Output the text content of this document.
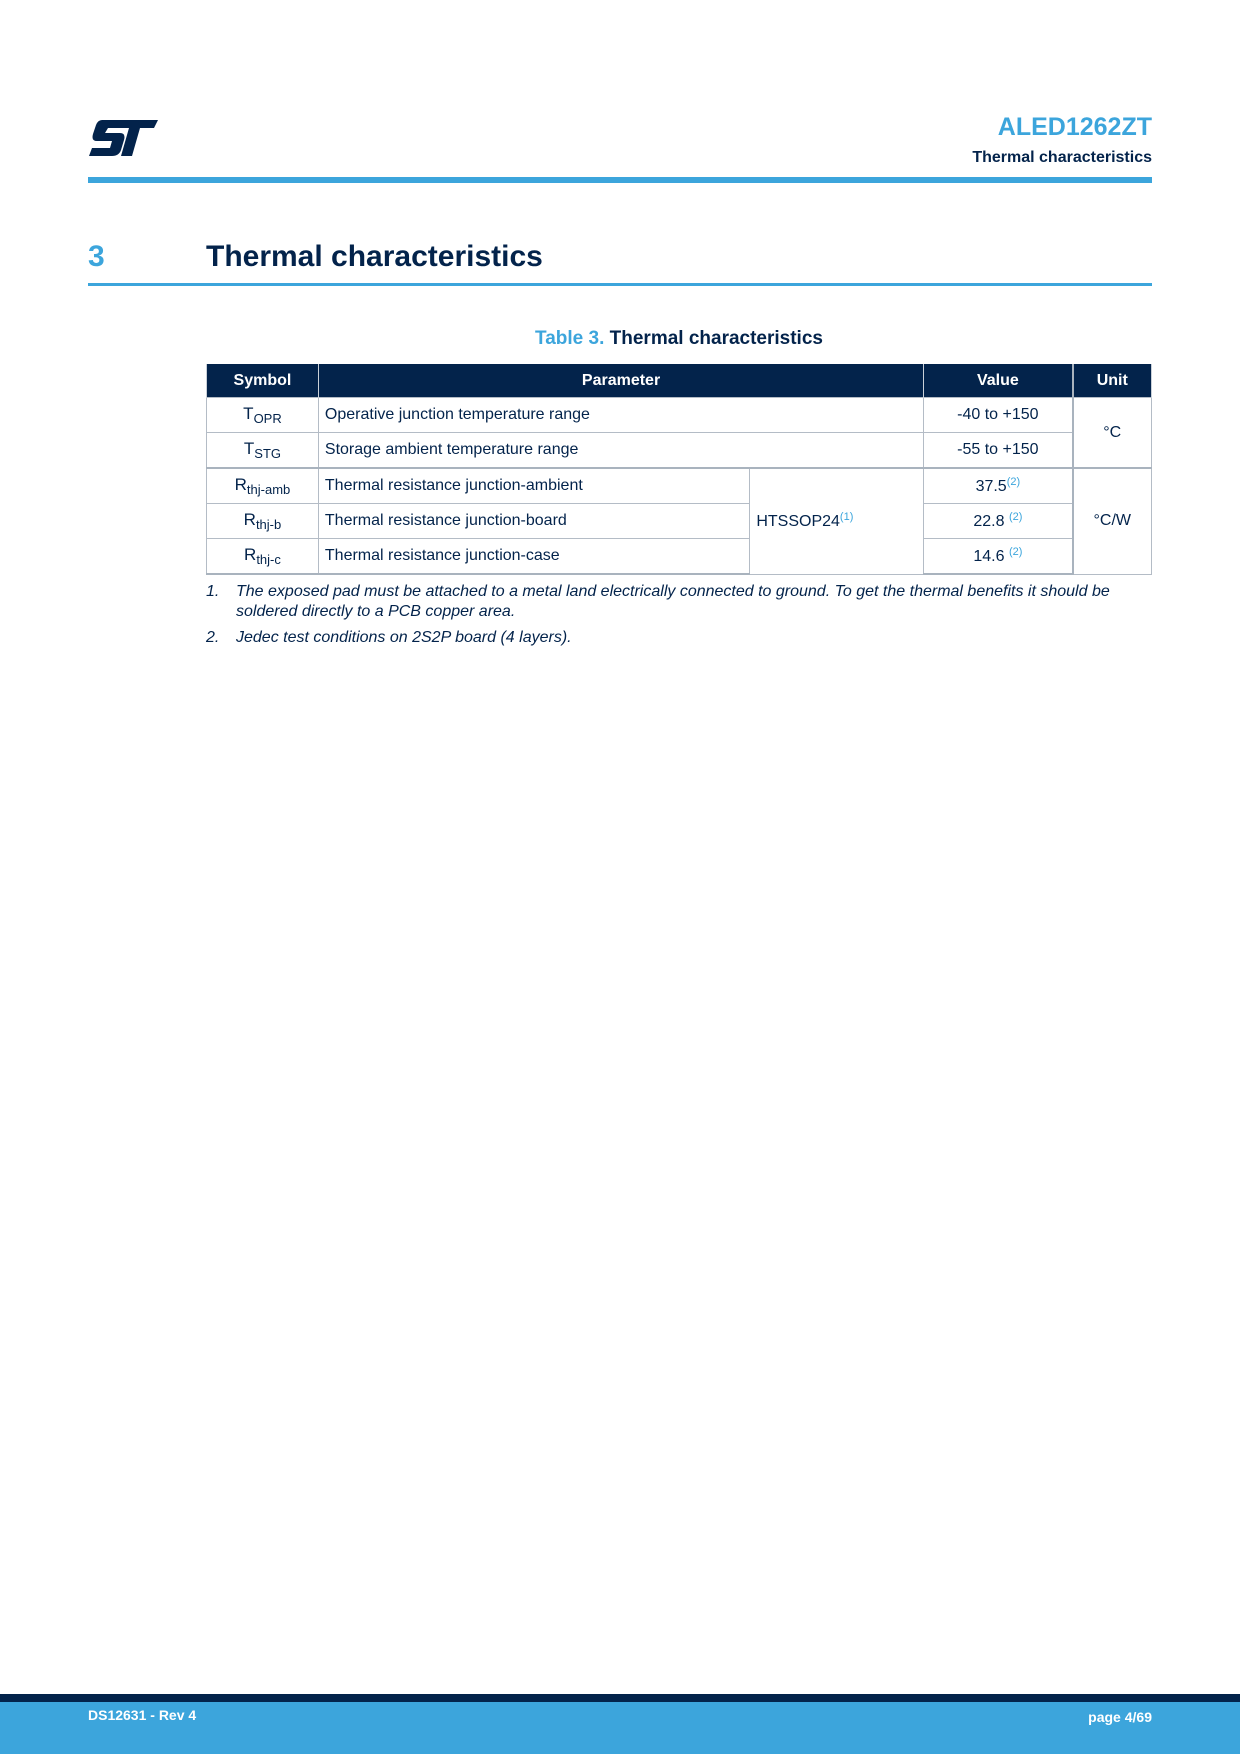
ALED1262ZT
Thermal characteristics
3	Thermal characteristics
Table 3. Thermal characteristics
Symbol	Parameter		Value	Unit
$T_{OPR}$	Operative junction temperature range		-40 to +150	°C
$T_{STG}$	Storage ambient temperature range		-55 to +150	
$R_{thj-amb}$	Thermal resistance junction-ambient	HTSSOP24$^{(1)}$	37.5$^{(2)}$	°C/W
$R_{thj-b}$	Thermal resistance junction-board		22.8 $^{(2)}$
$R_{thj-c}$	Thermal resistance junction-case		14.6 $^{(2)}$
1. The exposed pad must be attached to a metal land electrically connected to ground. To get the thermal benefits it should be soldered directly to a PCB copper area.
2. Jedec test conditions on 2S2P board (4 layers).
DS12631 - Rev 4	page 4/69
